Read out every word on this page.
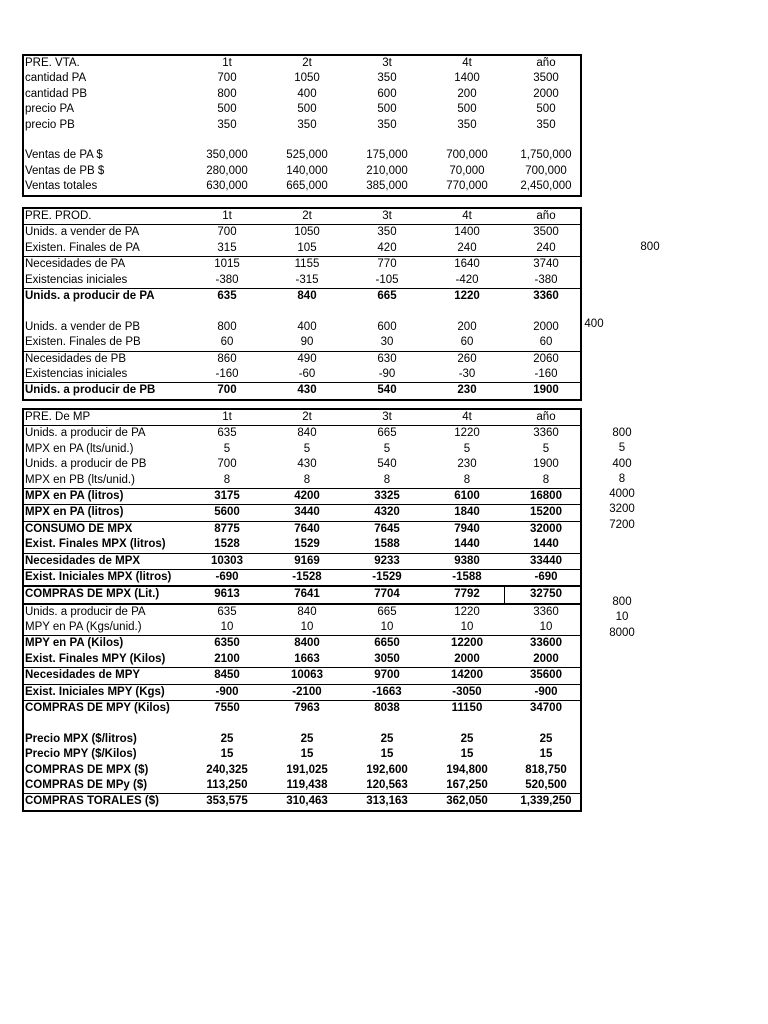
PRE. VTA.	1t	2t	3t	4t	año
cantidad PA	700	1050	350	1400	3500
cantidad PB	800	400	600	200	2000
precio PA	500	500	500	500	500
precio PB	350	350	350	350	350
Ventas de PA $	350,000	525,000	175,000	700,000	1,750,000
Ventas de PB $	280,000	140,000	210,000	70,000	700,000
Ventas totales	630,000	665,000	385,000	770,000	2,450,000
PRE. PROD.	1t	2t	3t	4t	año
Unids. a vender de PA	700	1050	350	1400	3500
Existen. Finales de PA	315	105	420	240	240
Necesidades de PA	1015	1155	770	1640	3740
Existencias iniciales	-380	-315	-105	-420	-380
Unids. a producir de PA	635	840	665	1220	3360
Unids. a vender de PB	800	400	600	200	2000
Existen. Finales de PB	60	90	30	60	60
Necesidades de PB	860	490	630	260	2060
Existencias iniciales	-160	-60	-90	-30	-160
Unids. a producir de PB	700	430	540	230	1900
PRE. De MP	1t	2t	3t	4t	año
Unids. a producir de PA	635	840	665	1220	3360
MPX en PA (lts/unid.)	5	5	5	5	5
Unids. a producir de PB	700	430	540	230	1900
MPX en PB (lts/unid.)	8	8	8	8	8
MPX en PA (litros)	3175	4200	3325	6100	16800
MPX en PA (litros)	5600	3440	4320	1840	15200
CONSUMO DE MPX	8775	7640	7645	7940	32000
Exist. Finales MPX (litros)	1528	1529	1588	1440	1440
Necesidades de MPX	10303	9169	9233	9380	33440
Exist. Iniciales MPX (litros)	-690	-1528	-1529	-1588	-690
COMPRAS DE MPX (Lit.)	9613	7641	7704	7792	32750
Unids. a producir de PA	635	840	665	1220	3360
MPY en PA (Kgs/unid.)	10	10	10	10	10
MPY en PA (Kilos)	6350	8400	6650	12200	33600
Exist. Finales MPY (Kilos)	2100	1663	3050	2000	2000
Necesidades de MPY	8450	10063	9700	14200	35600
Exist. Iniciales MPY (Kgs)	-900	-2100	-1663	-3050	-900
COMPRAS DE MPY (Kilos)	7550	7963	8038	11150	34700
Precio MPX ($/litros)	25	25	25	25	25
Precio MPY ($/Kilos)	15	15	15	15	15
COMPRAS DE MPX ($)	240,325	191,025	192,600	194,800	818,750
COMPRAS DE MPy ($)	113,250	119,438	120,563	167,250	520,500
COMPRAS TORALES ($)	353,575	310,463	313,163	362,050	1,339,250
800
400
800
5
400
8
4000
3200
7200
800
10
8000
